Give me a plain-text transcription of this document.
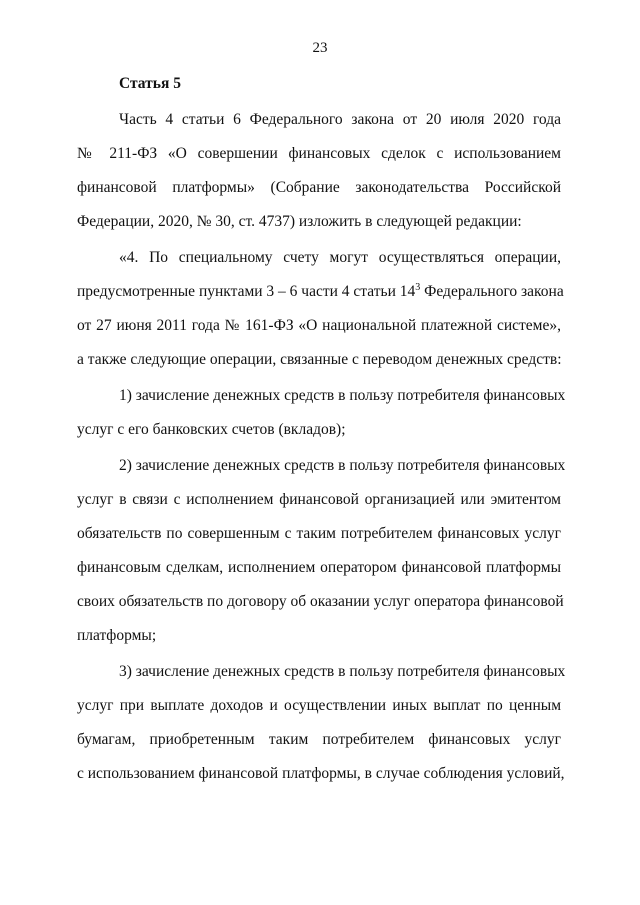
23
Статья 5
Часть 4 статьи 6 Федерального закона от 20 июля 2020 года
№ 211-ФЗ «О совершении финансовых сделок с использованием
финансовой платформы» (Собрание законодательства Российской
Федерации, 2020, № 30, ст. 4737) изложить в следующей редакции:
«4. По специальному счету могут осуществляться операции,
предусмотренные пунктами 3 – 6 части 4 статьи $14^3$ Федерального закона
от 27 июня 2011 года № 161-ФЗ «О национальной платежной системе»,
а также следующие операции, связанные с переводом денежных средств:
1) зачисление денежных средств в пользу потребителя финансовых
услуг с его банковских счетов (вкладов);
2) зачисление денежных средств в пользу потребителя финансовых
услуг в связи с исполнением финансовой организацией или эмитентом
обязательств по совершенным с таким потребителем финансовых услуг
финансовым сделкам, исполнением оператором финансовой платформы
своих обязательств по договору об оказании услуг оператора финансовой
платформы;
3) зачисление денежных средств в пользу потребителя финансовых
услуг при выплате доходов и осуществлении иных выплат по ценным
бумагам, приобретенным таким потребителем финансовых услуг
с использованием финансовой платформы, в случае соблюдения условий,
